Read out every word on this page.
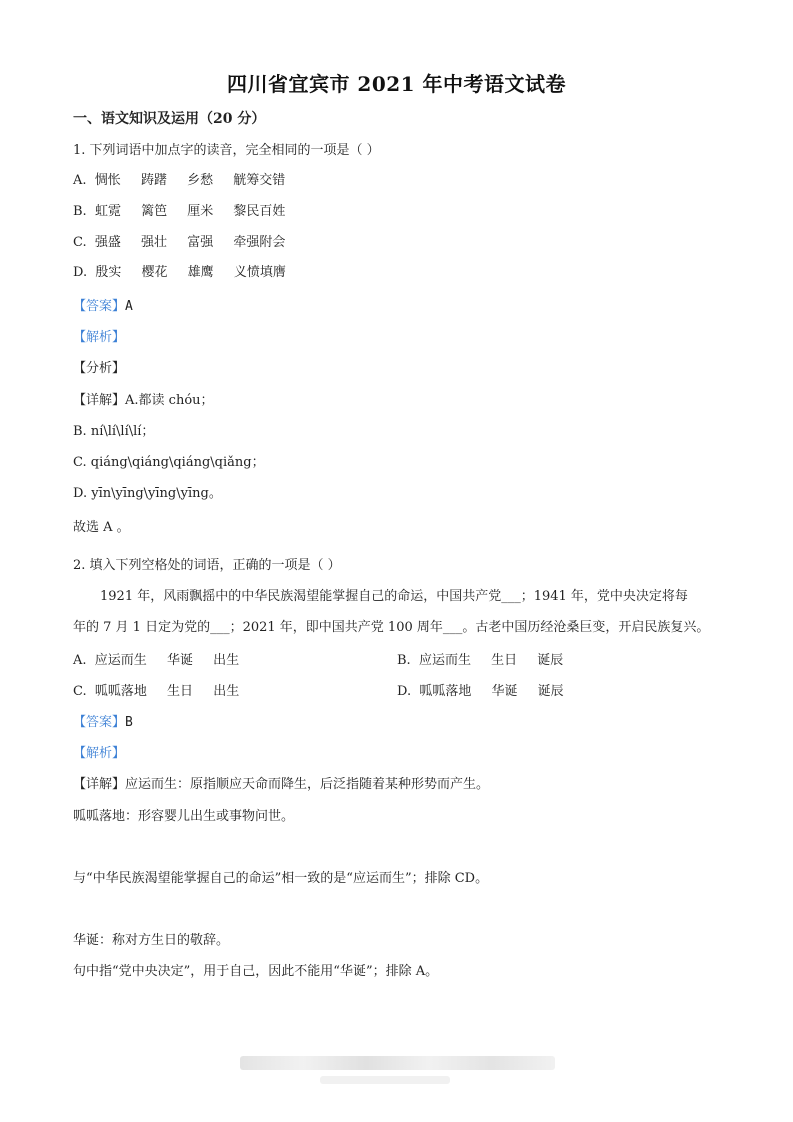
四川省宜宾市 2021 年中考语文试卷
一、语文知识及运用（20 分）
1. 下列词语中加点字的读音，完全相同的一项是（ ）
A. 惆怅 踌躇 乡愁 觥筹交错
B. 虹霓 篱笆 厘米 黎民百姓
C. 强盛 强壮 富强 牵强附会
D. 殷实 樱花 雄鹰 义愤填膺
【答案】A
【解析】
【分析】
【详解】A.都读 chóu；
B. ní\lí\lí\lí；
C. qiáng\qiáng\qiáng\qiǎng；
D. yīn\yīng\yīng\yīng。
故选 A 。
2. 填入下列空格处的词语，正确的一项是（ ）
1921 年，风雨飘摇中的中华民族渴望能掌握自己的命运，中国共产党___；1941 年，党中央决定将每
年的 7 月 1 日定为党的___；2021 年，即中国共产党 100 周年___。古老中国历经沧桑巨变，开启民族复兴。
A. 应运而生 华诞 出生	B. 应运而生 生日 诞辰
C. 呱呱落地 生日 出生	D. 呱呱落地 华诞 诞辰
【答案】B
【解析】
【详解】应运而生：原指顺应天命而降生，后泛指随着某种形势而产生。
呱呱落地：形容婴儿出生或事物问世。
与“中华民族渴望能掌握自己的命运”相一致的是“应运而生”；排除 CD。
华诞：称对方生日的敬辞。
句中指“党中央决定”，用于自己，因此不能用“华诞”；排除 A。
